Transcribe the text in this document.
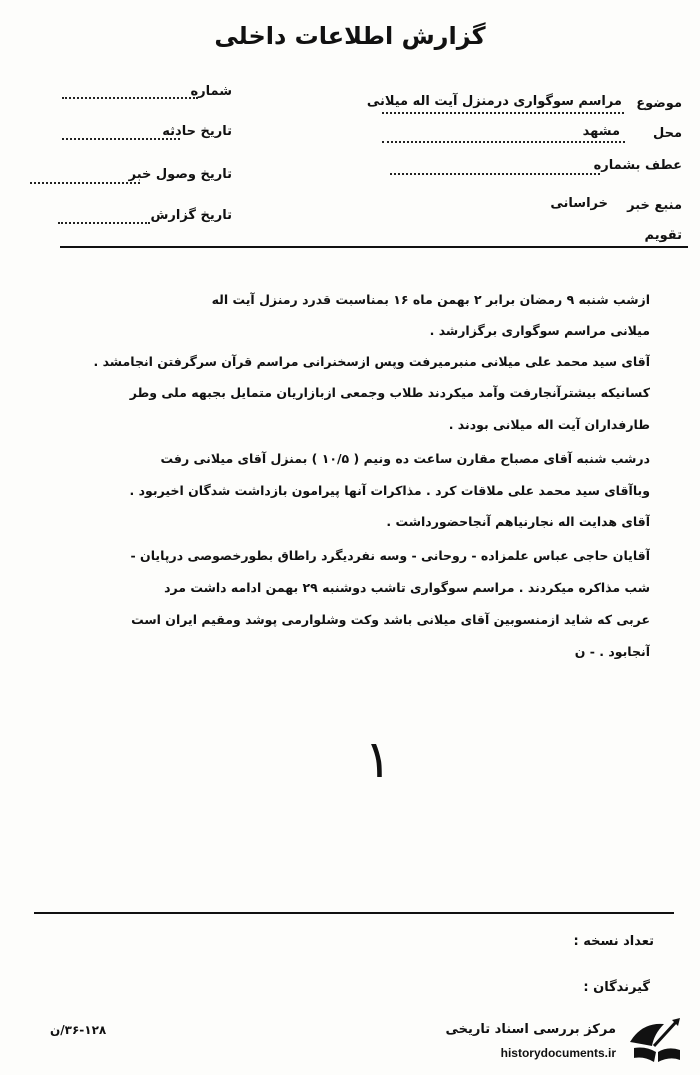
گزارش اطلاعات داخلی
موضوع
مراسم سوگواری درمنزل آیت اله میلانی
محل
مشهد
عطف بشماره
منبع خبر
خراسانی
تقویم
شماره
تاریخ حادثه
تاریخ وصول خبر
تاریخ گزارش
ازشب شنبه ۹ رمضان برابر ۲ بهمن ماه ۱۶ بمناسبت قدرد رمنزل آیت اله
میلانی مراسم سوگواری برگزارشد .
آقای سید محمد علی میلانی منبرمیرفت وپس ازسخنرانی مراسم قرآن سرگرفتن انجامشد .
کسانیکه بیشترآنجارفت وآمد میکردند طلاب وجمعی ازبازاریان متمایل بجبهه ملی وطر
طارفداران آیت اله میلانی بودند .
درشب شنبه آقای مصباح مقارن ساعت ده ونیم ( ۱۰/۵ ) بمنزل آقای میلانی رفت
وباآقای سید محمد علی ملاقات کرد . مذاکرات آنها پیرامون بازداشت شدگان اخیربود .
آقای هدایت اله نجارنیاهم آنجاحضورداشت .
آقایان حاجی عباس علمزاده - روحانی - وسه نفردیگرد راطاق بطورخصوصی درپایان -
شب مذاکره میکردند . مراسم سوگواری تاشب دوشنبه ۲۹ بهمن ادامه داشت مرد
عربی که شاید ازمنسوبین آقای میلانی باشد وکت وشلوارمی پوشد ومقیم ایران است
آنجابود . - ن
۱
تعداد نسخه :
گیرندگان :
۳۶-۱۲۸/ن	مرکز بررسی اسناد تاریخی
historydocuments.ir
